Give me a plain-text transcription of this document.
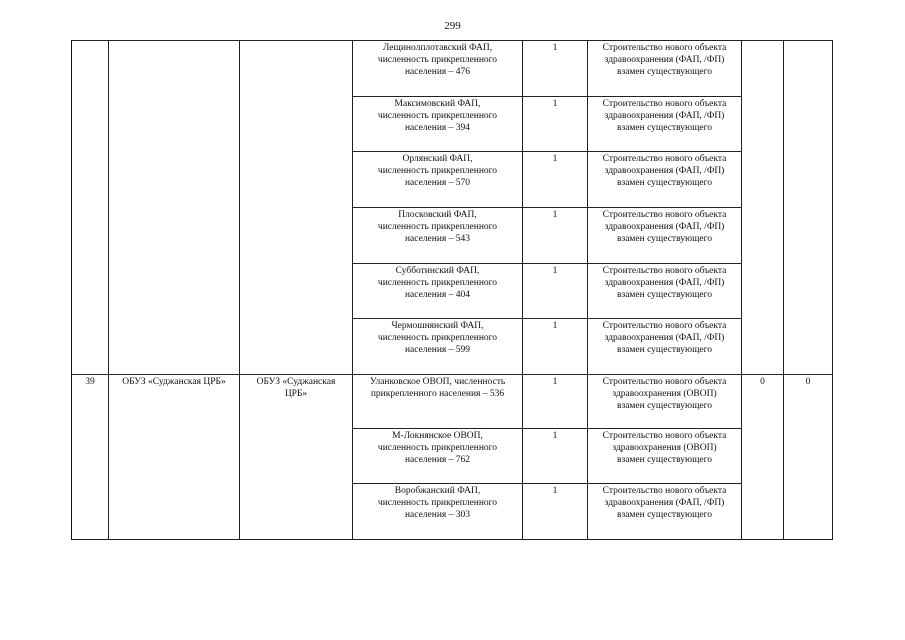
299
			Лещинолплотавский ФАП,
численность прикрепленного
населения – 476	1	Строительство нового объекта
здравоохранения (ФАП, /ФП)
взамен существующего		
			Максимовский ФАП,
численность прикрепленного
населения – 394	1	Строительство нового объекта
здравоохранения (ФАП, /ФП)
взамен существующего		
			Орлянский ФАП,
численность прикрепленного
населения – 570	1	Строительство нового объекта
здравоохранения (ФАП, /ФП)
взамен существующего		
			Плосковский ФАП,
численность прикрепленного
населения – 543	1	Строительство нового объекта
здравоохранения (ФАП, /ФП)
взамен существующего		
			Субботинский ФАП,
численность прикрепленного
населения – 404	1	Строительство нового объекта
здравоохранения (ФАП, /ФП)
взамен существующего		
			Чермошнянский ФАП,
численность прикрепленного
населения – 599	1	Строительство нового объекта
здравоохранения (ФАП, /ФП)
взамен существующего		
39	ОБУЗ «Суджанская ЦРБ»	ОБУЗ «Суджанская
ЦРБ»	Уланковское ОВОП, численность
прикрепленного населения – 536	1	Строительство нового объекта
здравоохранения (ОВОП)
взамен существующего	0	0
			М-Локнянское ОВОП,
численность прикрепленного
населения – 762	1	Строительство нового объекта
здравоохранения (ОВОП)
взамен существующего		
			Воробжанский ФАП,
численность прикрепленного
населения – 303	1	Строительство нового объекта
здравоохранения (ФАП, /ФП)
взамен существующего		
